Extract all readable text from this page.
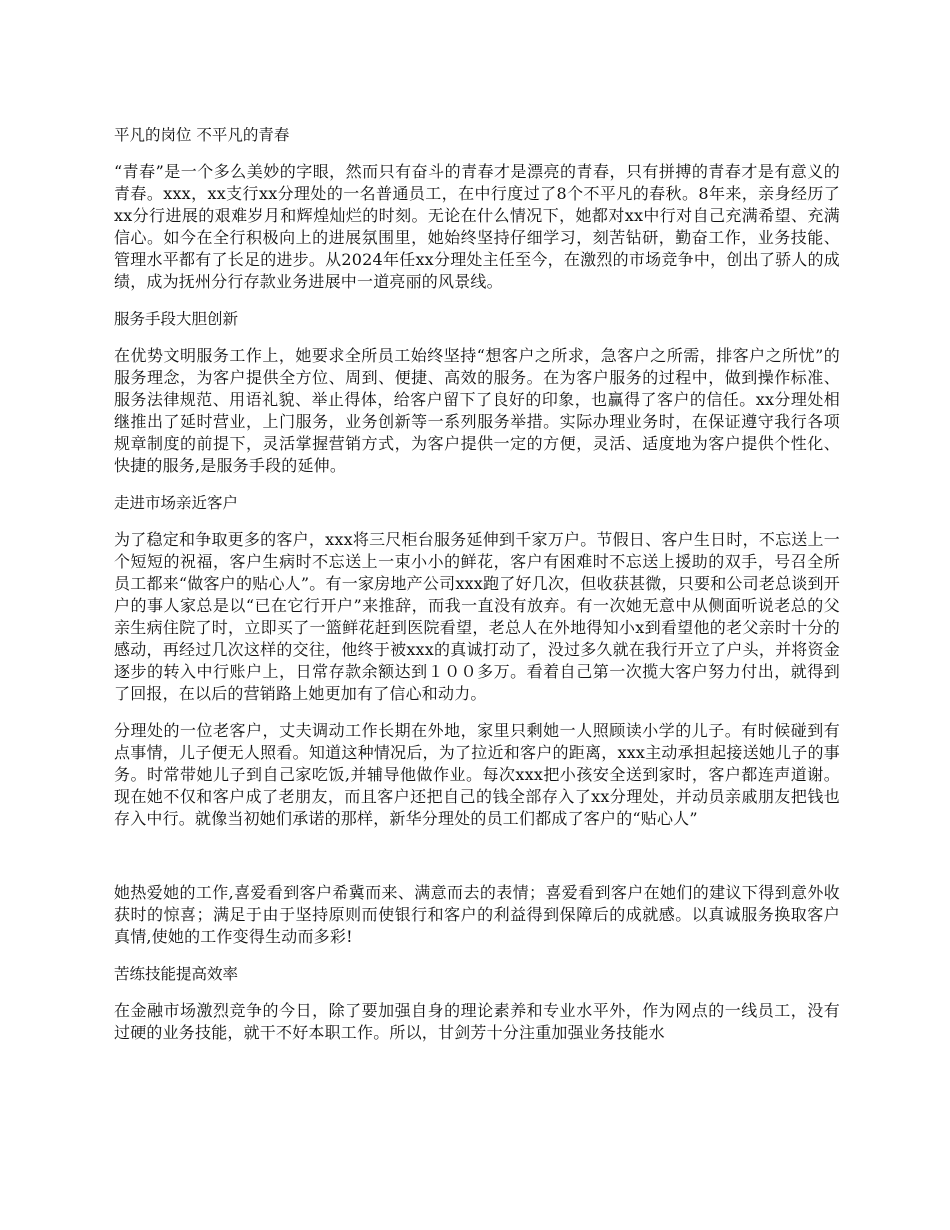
平凡的岗位 不平凡的青春

“青春”是一个多么美妙的字眼，然而只有奋斗的青春才是漂亮的青春，只有拼搏的青春才是有意义的青春。xxx，xx支行xx分理处的一名普通员工，在中行度过了8个不平凡的春秋。8年来，亲身经历了xx分行进展的艰难岁月和辉煌灿烂的时刻。无论在什么情况下，她都对xx中行对自己充满希望、充满信心。如今在全行积极向上的进展氛围里，她始终坚持仔细学习，刻苦钻研，勤奋工作，业务技能、管理水平都有了长足的进步。从2024年任xx分理处主任至今，在激烈的市场竞争中，创出了骄人的成绩，成为抚州分行存款业务进展中一道亮丽的风景线。

服务手段大胆创新

在优势文明服务工作上，她要求全所员工始终坚持“想客户之所求，急客户之所需，排客户之所忧”的服务理念，为客户提供全方位、周到、便捷、高效的服务。在为客户服务的过程中，做到操作标准、服务法律规范、用语礼貌、举止得体，给客户留下了良好的印象，也赢得了客户的信任。xx分理处相继推出了延时营业，上门服务，业务创新等一系列服务举措。实际办理业务时，在保证遵守我行各项规章制度的前提下，灵活掌握营销方式，为客户提供一定的方便，灵活、适度地为客户提供个性化、快捷的服务,是服务手段的延伸。

走进市场亲近客户

为了稳定和争取更多的客户，xxx将三尺柜台服务延伸到千家万户。节假日、客户生日时，不忘送上一个短短的祝福，客户生病时不忘送上一束小小的鲜花，客户有困难时不忘送上援助的双手，号召全所员工都来“做客户的贴心人”。有一家房地产公司xxx跑了好几次，但收获甚微，只要和公司老总谈到开户的事人家总是以“已在它行开户”来推辞，而我一直没有放弃。有一次她无意中从侧面听说老总的父亲生病住院了时，立即买了一篮鲜花赶到医院看望，老总人在外地得知小x到看望他的老父亲时十分的感动，再经过几次这样的交往，他终于被xxx的真诚打动了，没过多久就在我行开立了户头，并将资金逐步的转入中行账户上，日常存款余额达到１００多万。看着自己第一次揽大客户努力付出，就得到了回报，在以后的营销路上她更加有了信心和动力。

分理处的一位老客户，丈夫调动工作长期在外地，家里只剩她一人照顾读小学的儿子。有时候碰到有点事情，儿子便无人照看。知道这种情况后，为了拉近和客户的距离，xxx主动承担起接送她儿子的事务。时常带她儿子到自己家吃饭,并辅导他做作业。每次xxx把小孩安全送到家时，客户都连声道谢。现在她不仅和客户成了老朋友，而且客户还把自己的钱全部存入了xx分理处，并动员亲戚朋友把钱也存入中行。就像当初她们承诺的那样，新华分理处的员工们都成了客户的“贴心人”

她热爱她的工作,喜爱看到客户希冀而来、满意而去的表情；喜爱看到客户在她们的建议下得到意外收获时的惊喜；满足于由于坚持原则而使银行和客户的利益得到保障后的成就感。以真诚服务换取客户真情,使她的工作变得生动而多彩!

苦练技能提高效率

在金融市场激烈竞争的今日，除了要加强自身的理论素养和专业水平外，作为网点的一线员工，没有过硬的业务技能，就干不好本职工作。所以，甘剑芳十分注重加强业务技能水
